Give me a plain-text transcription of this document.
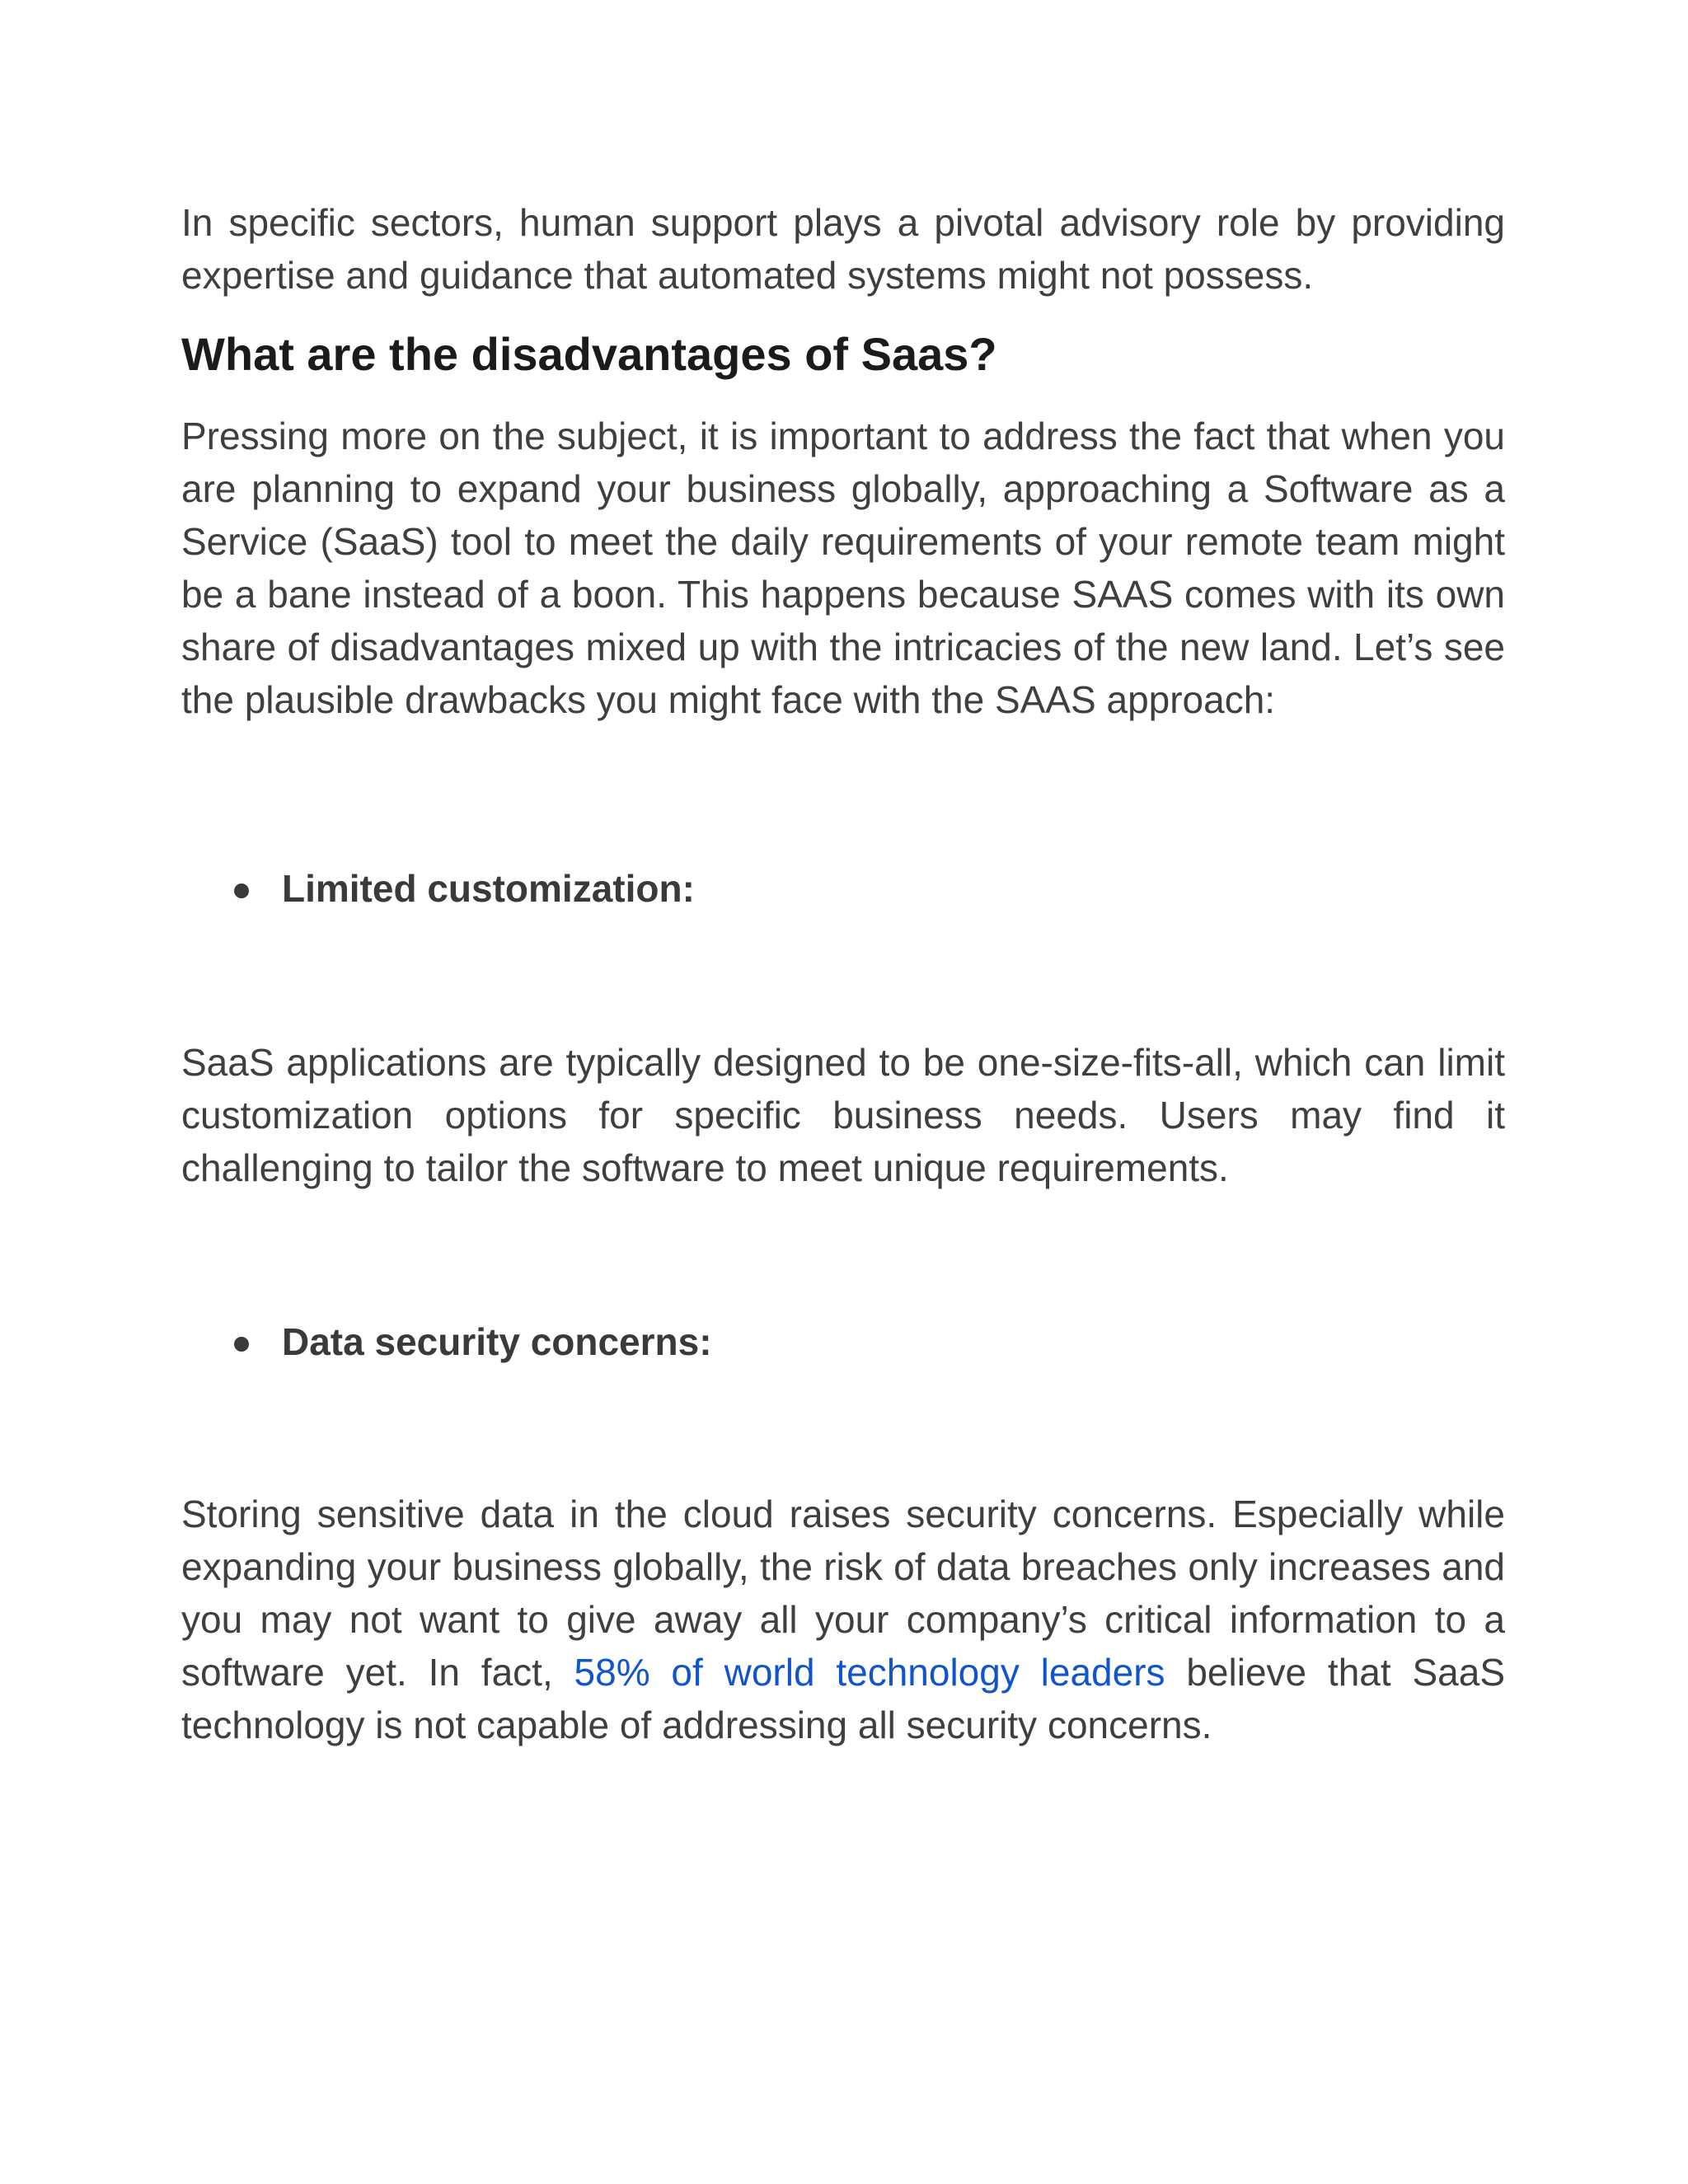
In specific sectors, human support plays a pivotal advisory role by providing expertise and guidance that automated systems might not possess.

What are the disadvantages of Saas?

Pressing more on the subject, it is important to address the fact that when you are planning to expand your business globally, approaching a Software as a Service (SaaS) tool to meet the daily requirements of your remote team might be a bane instead of a boon. This happens because SAAS comes with its own share of disadvantages mixed up with the intricacies of the new land. Let’s see the plausible drawbacks you might face with the SAAS approach:

Limited customization:

SaaS applications are typically designed to be one-size-fits-all, which can limit customization options for specific business needs. Users may find it challenging to tailor the software to meet unique requirements.

Data security concerns:

Storing sensitive data in the cloud raises security concerns. Especially while expanding your business globally, the risk of data breaches only increases and you may not want to give away all your company’s critical information to a software yet. In fact, 58% of world technology leaders believe that SaaS technology is not capable of addressing all security concerns.
